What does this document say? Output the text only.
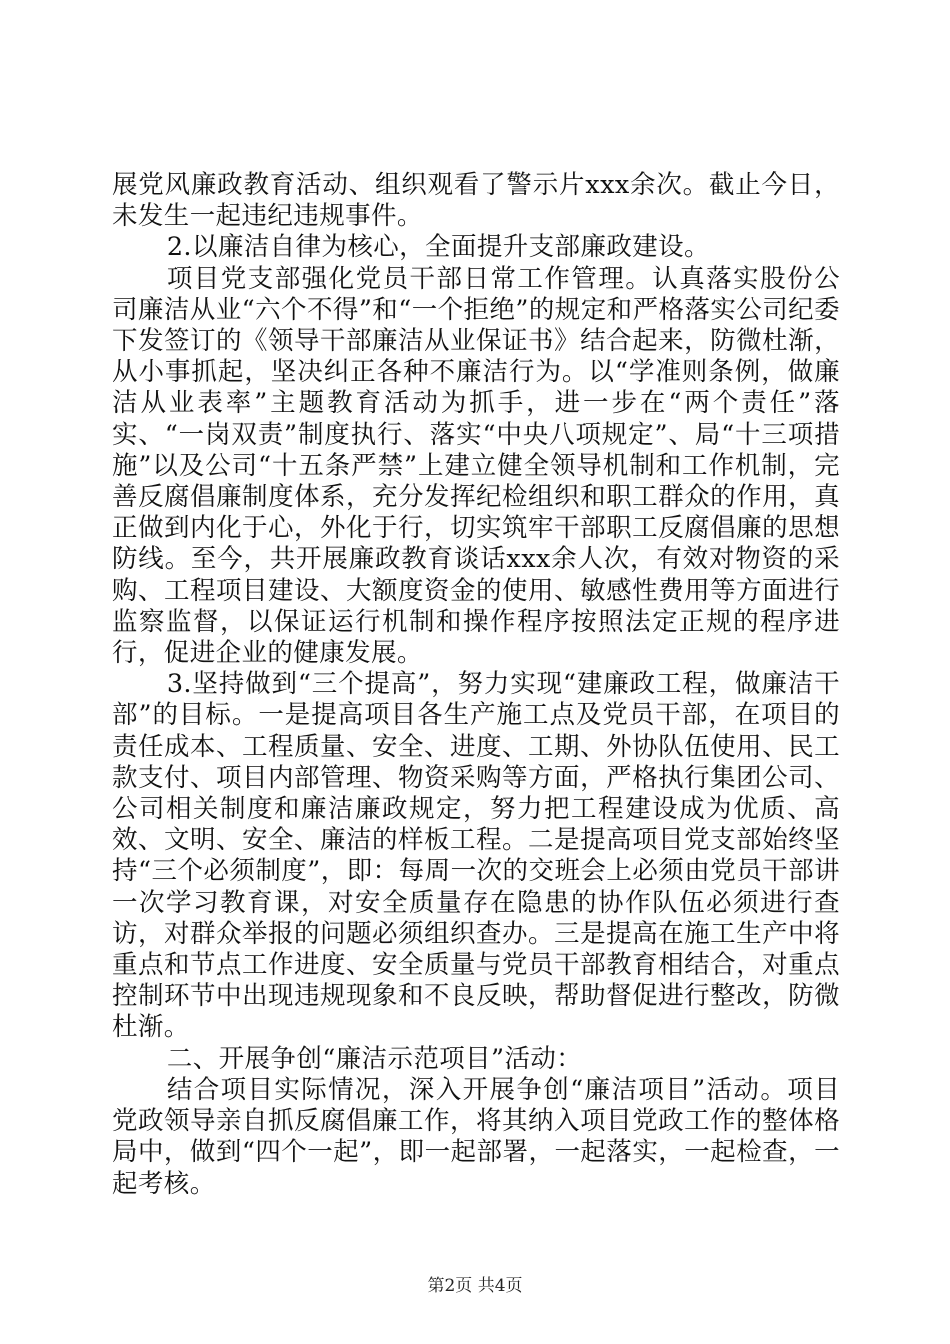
展党风廉政教育活动、组织观看了警示片xxx余次。截止今日，未发生一起违纪违规事件。

2.以廉洁自律为核心，全面提升支部廉政建设。

项目党支部强化党员干部日常工作管理。认真落实股份公司廉洁从业“六个不得”和“一个拒绝”的规定和严格落实公司纪委下发签订的《领导干部廉洁从业保证书》结合起来，防微杜渐，从小事抓起，坚决纠正各种不廉洁行为。以“学准则条例，做廉洁从业表率”主题教育活动为抓手，进一步在“两个责任”落实、“一岗双责”制度执行、落实“中央八项规定”、局“十三项措施”以及公司“十五条严禁”上建立健全领导机制和工作机制，完善反腐倡廉制度体系，充分发挥纪检组织和职工群众的作用，真正做到内化于心，外化于行，切实筑牢干部职工反腐倡廉的思想防线。至今，共开展廉政教育谈话xxx余人次，有效对物资的采购、工程项目建设、大额度资金的使用、敏感性费用等方面进行监察监督，以保证运行机制和操作程序按照法定正规的程序进行，促进企业的健康发展。

3.坚持做到“三个提高”，努力实现“建廉政工程，做廉洁干部”的目标。一是提高项目各生产施工点及党员干部，在项目的责任成本、工程质量、安全、进度、工期、外协队伍使用、民工款支付、项目内部管理、物资采购等方面，严格执行集团公司、公司相关制度和廉洁廉政规定，努力把工程建设成为优质、高效、文明、安全、廉洁的样板工程。二是提高项目党支部始终坚持“三个必须制度”，即：每周一次的交班会上必须由党员干部讲一次学习教育课，对安全质量存在隐患的协作队伍必须进行查访，对群众举报的问题必须组织查办。三是提高在施工生产中将重点和节点工作进度、安全质量与党员干部教育相结合，对重点控制环节中出现违规现象和不良反映，帮助督促进行整改，防微杜渐。

二、开展争创“廉洁示范项目”活动：

结合项目实际情况，深入开展争创“廉洁项目”活动。项目党政领导亲自抓反腐倡廉工作，将其纳入项目党政工作的整体格局中，做到“四个一起”，即一起部署，一起落实，一起检查，一起考核。

第2页 共4页
